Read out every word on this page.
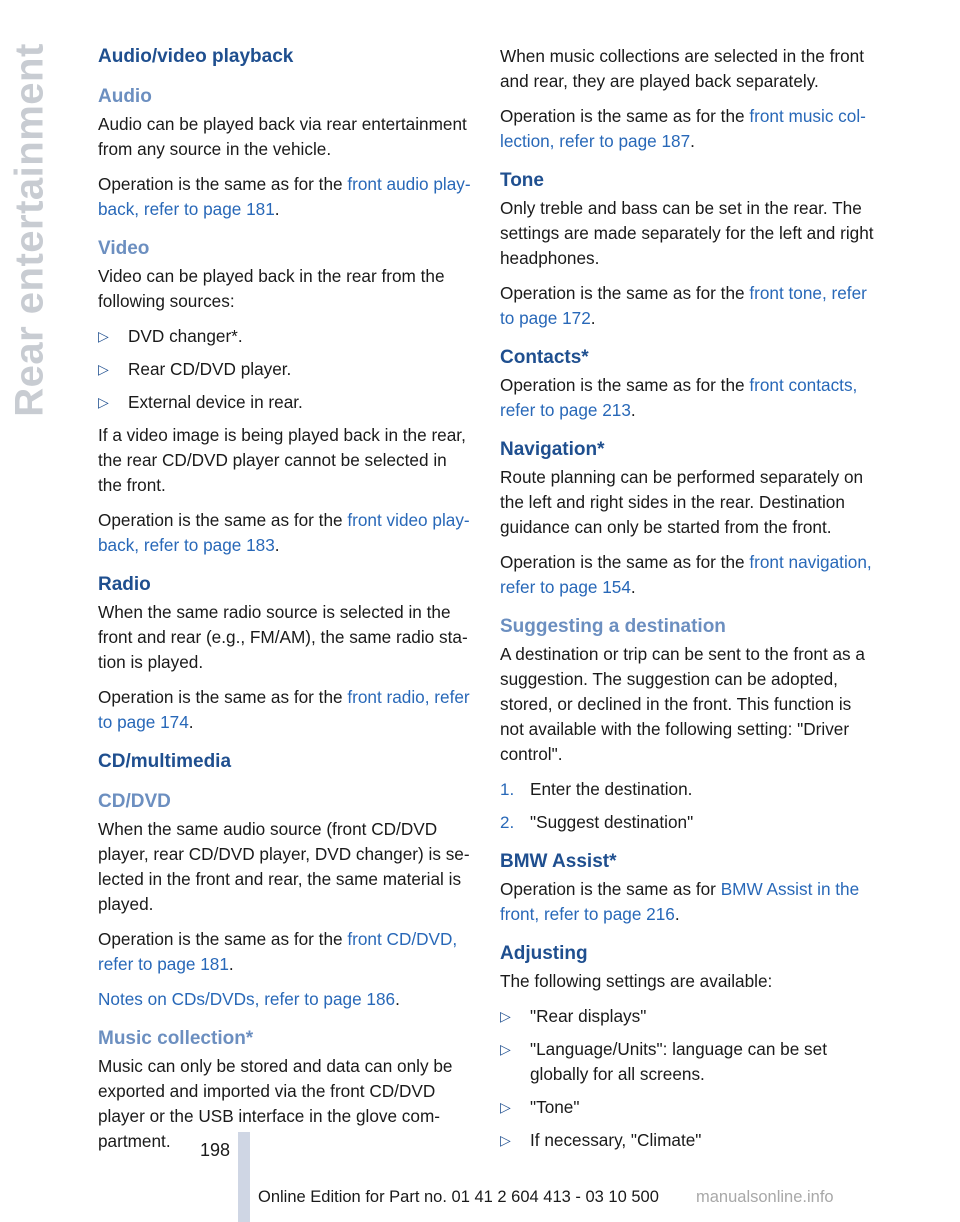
Rear entertainment Audio/video playback
Audio

Audio can be played back via rear entertainment from any source in the vehicle.

Operation is the same as for the front audio play-back, refer to page 181.

Video

Video can be played back in the rear from the following sources:

▷ DVD changer*.
▷ Rear CD/DVD player.
▷ External device in rear.

If a video image is being played back in the rear, the rear CD/DVD player cannot be selected in the front.

Operation is the same as for the front video play-back, refer to page 183.

Radio

When the same radio source is selected in the front and rear (e.g., FM/AM), the same radio sta-tion is played.

Operation is the same as for the front radio, refer to page 174.

CD/multimedia
CD/DVD

When the same audio source (front CD/DVD player, rear CD/DVD player, DVD changer) is se-lected in the front and rear, the same material is played.

Operation is the same as for the front CD/DVD, refer to page 181.

Notes on CDs/DVDs, refer to page 186.

Music collection*

Music can only be stored and data can only be exported and imported via the front CD/DVD player or the USB interface in the glove com-partment.

When music collections are selected in the front and rear, they are played back separately.

Operation is the same as for the front music col-lection, refer to page 187.

Tone

Only treble and bass can be set in the rear. The settings are made separately for the left and right headphones.

Operation is the same as for the front tone, refer to page 172.

Contacts*

Operation is the same as for the front contacts, refer to page 213.

Navigation*

Route planning can be performed separately on the left and right sides in the rear. Destination guidance can only be started from the front.

Operation is the same as for the front navigation, refer to page 154.

Suggesting a destination

A destination or trip can be sent to the front as a suggestion. The suggestion can be adopted, stored, or declined in the front. This function is not available with the following setting: "Driver control".

1. Enter the destination.
2. "Suggest destination"
BMW Assist*

Operation is the same as for BMW Assist in the front, refer to page 216.

Adjusting

The following settings are available:

▷ "Rear displays"
▷ "Language/Units": language can be set globally for all screens.
▷ "Tone"
▷ If necessary, "Climate"
198
Online Edition for Part no. 01 41 2 604 413 - 03 10 500 manualsonline.info
